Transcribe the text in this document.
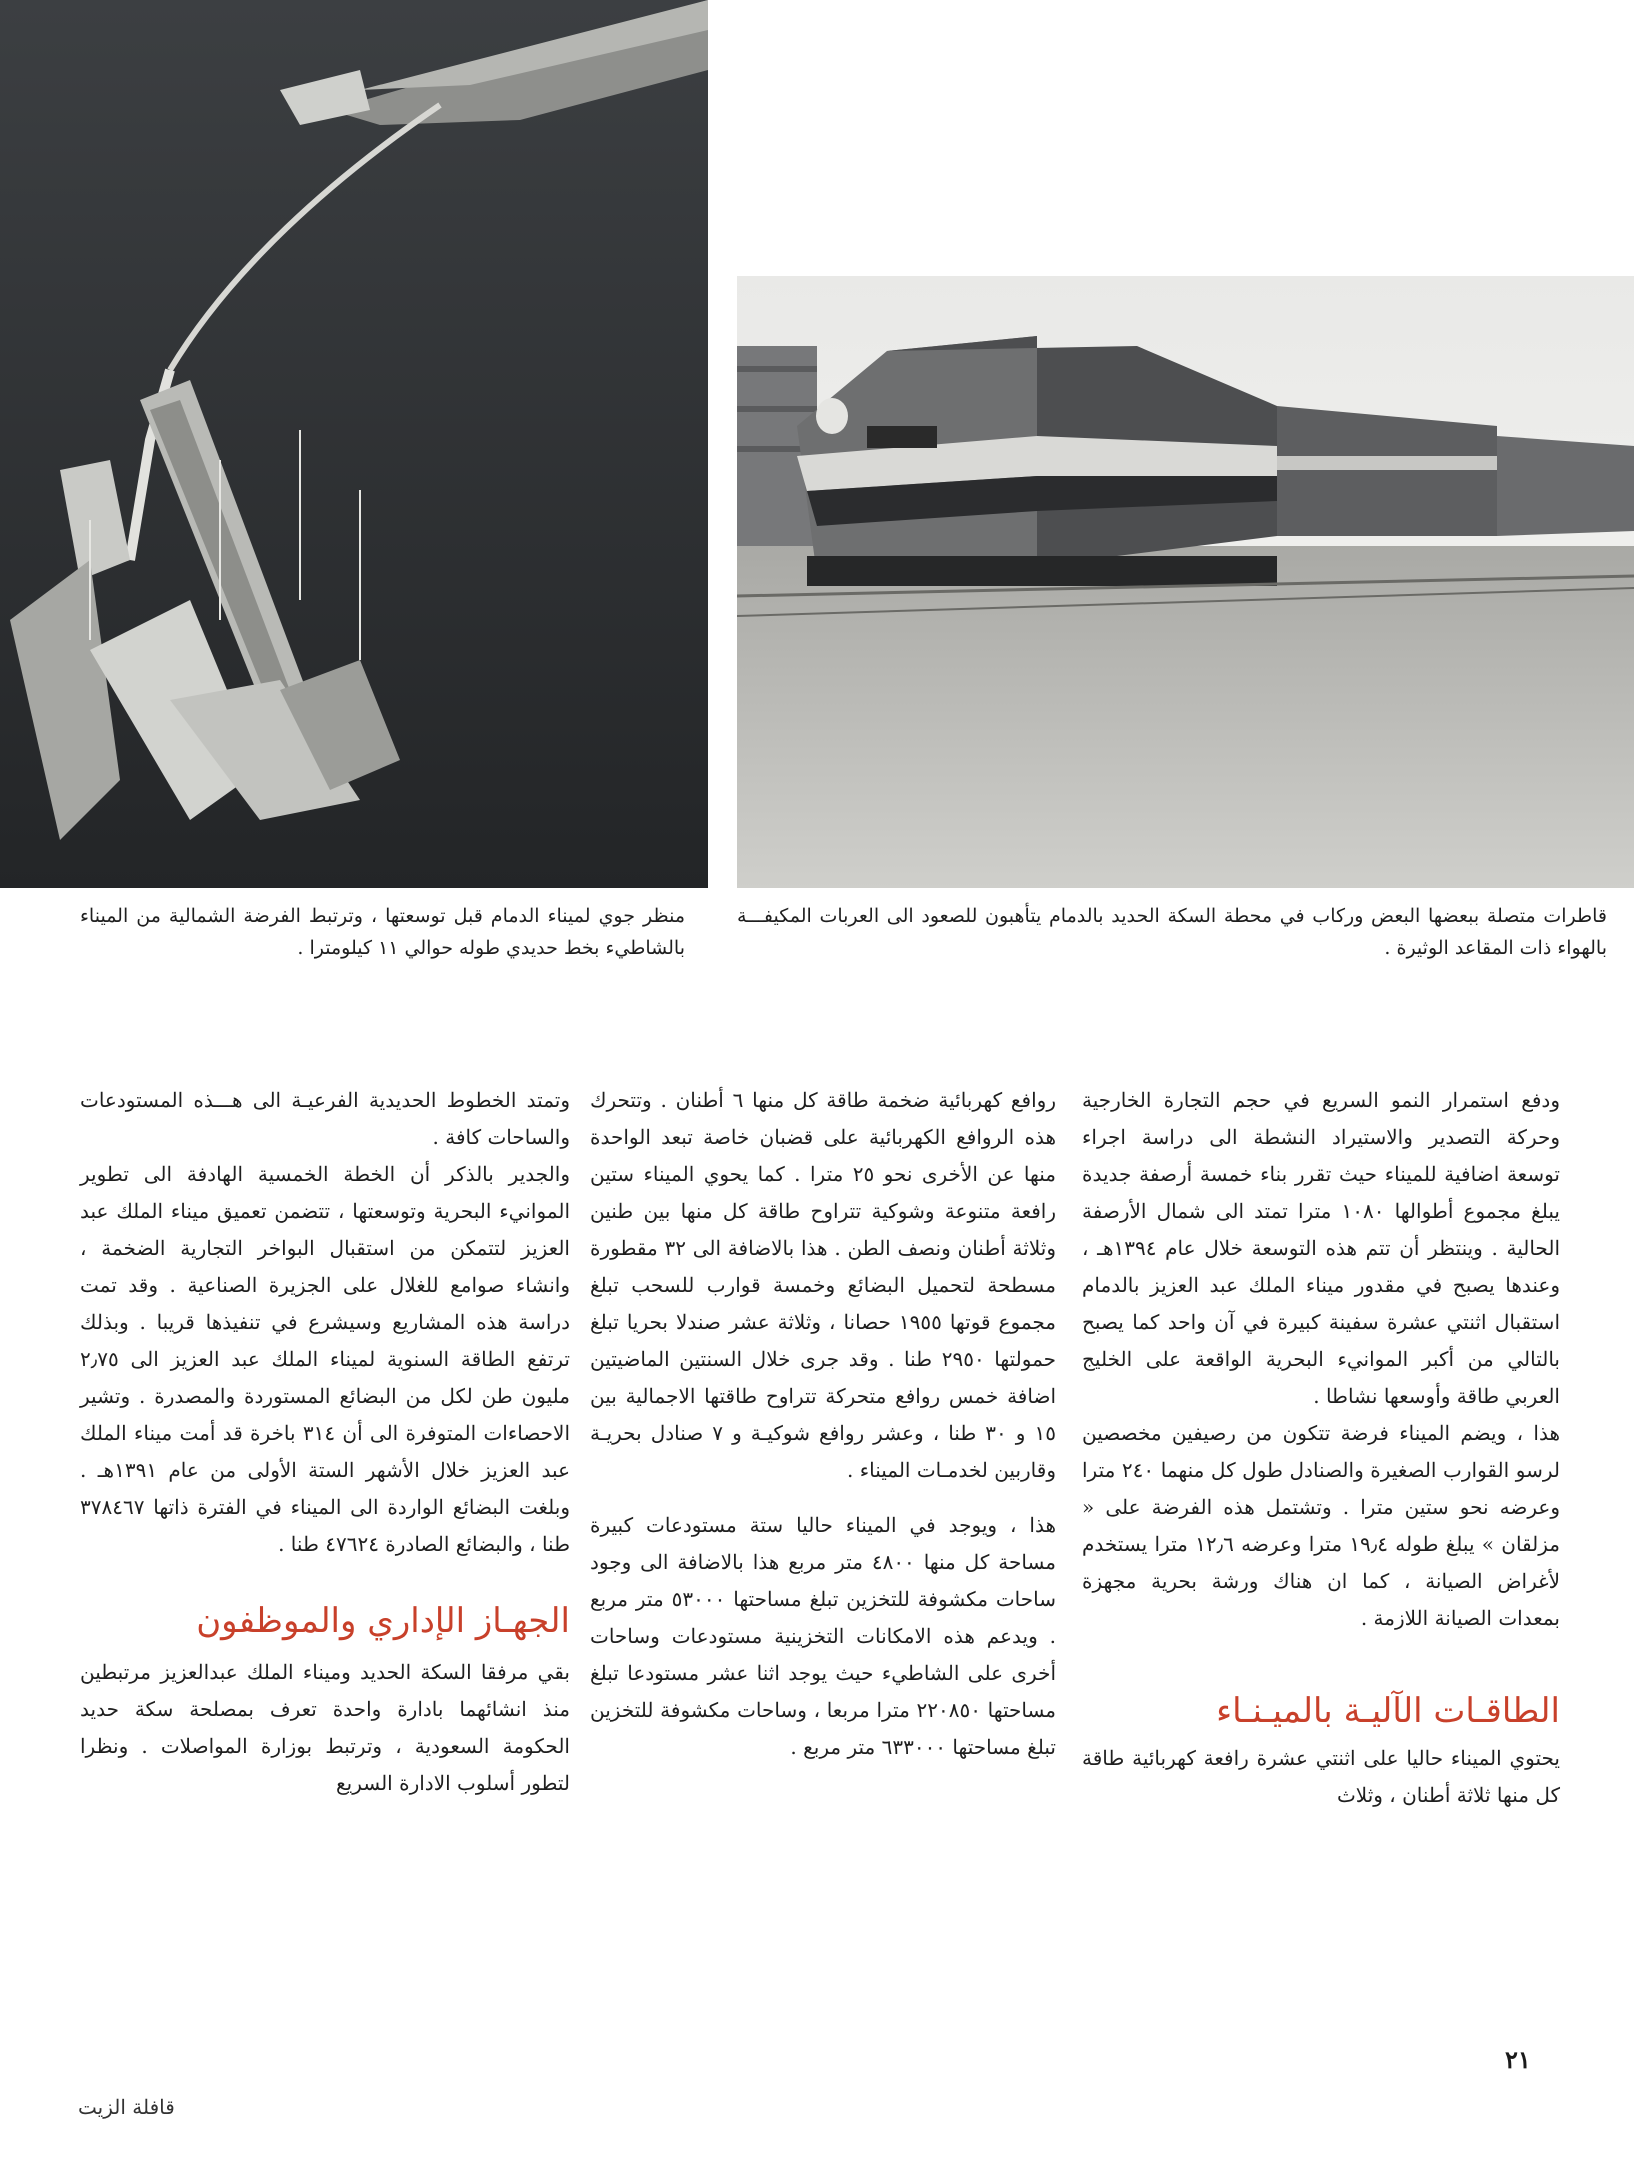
قاطرات متصلة ببعضها البعض وركاب في محطة السكة الحديد بالدمام يتأهبون للصعود الى العربات المكيفـــة بالهواء ذات المقاعد الوثيرة .
منظر جوي لميناء الدمام قبل توسعتها ، وترتبط الفرضة الشمالية من الميناء بالشاطيء بخط حديدي طوله حوالي ١١ كيلومترا .

ودفع استمرار النمو السريع في حجم التجارة الخارجية وحركة التصدير والاستيراد النشطة الى دراسة اجراء توسعة اضافية للميناء حيث تقرر بناء خمسة أرصفة جديدة يبلغ مجموع أطوالها ١٠٨٠ مترا تمتد الى شمال الأرصفة الحالية . وينتظر أن تتم هذه التوسعة خلال عام ١٣٩٤هـ ، وعندها يصبح في مقدور ميناء الملك عبد العزيز بالدمام استقبال اثنتي عشرة سفينة كبيرة في آن واحد كما يصبح بالتالي من أكبر الموانيء البحرية الواقعة على الخليج العربي طاقة وأوسعها نشاطا .

هذا ، ويضم الميناء فرضة تتكون من رصيفين مخصصين لرسو القوارب الصغيرة والصنادل طول كل منهما ٢٤٠ مترا وعرضه نحو ستين مترا . وتشتمل هذه الفرضة على « مزلقان » يبلغ طوله ١٩٫٤ مترا وعرضه ١٢٫٦ مترا يستخدم لأغراض الصيانة ، كما ان هناك ورشة بحرية مجهزة بمعدات الصيانة اللازمة .

الطاقـات الآليـة بالميـنـاء

يحتوي الميناء حاليا على اثنتي عشرة رافعة كهربائية طاقة كل منها ثلاثة أطنان ، وثلاث

روافع كهربائية ضخمة طاقة كل منها ٦ أطنان . وتتحرك هذه الروافع الكهربائية على قضبان خاصة تبعد الواحدة منها عن الأخرى نحو ٢٥ مترا . كما يحوي الميناء ستين رافعة متنوعة وشوكية تتراوح طاقة كل منها بين طنين وثلاثة أطنان ونصف الطن . هذا بالاضافة الى ٣٢ مقطورة مسطحة لتحميل البضائع وخمسة قوارب للسحب تبلغ مجموع قوتها ١٩٥٥ حصانا ، وثلاثة عشر صندلا بحريا تبلغ حمولتها ٢٩٥٠ طنا . وقد جرى خلال السنتين الماضيتين اضافة خمس روافع متحركة تتراوح طاقتها الاجمالية بين ١٥ و ٣٠ طنا ، وعشر روافع شوكيـة و ٧ صنادل بحريـة وقاربين لخدمـات الميناء .

هذا ، ويوجد في الميناء حاليا ستة مستودعات كبيرة مساحة كل منها ٤٨٠٠ متر مربع هذا بالاضافة الى وجود ساحات مكشوفة للتخزين تبلغ مساحتها ٥٣٠٠٠ متر مربع . ويدعم هذه الامكانات التخزينية مستودعات وساحات أخرى على الشاطيء حيث يوجد اثنا عشر مستودعا تبلغ مساحتها ٢٢٠٨٥٠ مترا مربعا ، وساحات مكشوفة للتخزين تبلغ مساحتها ٦٣٣٠٠٠ متر مربع .

وتمتد الخطوط الحديدية الفرعيـة الى هـــذه المستودعات والساحات كافة .

والجدير بالذكر أن الخطة الخمسية الهادفة الى تطوير الموانيء البحرية وتوسعتها ، تتضمن تعميق ميناء الملك عبد العزيز لتتمكن من استقبال البواخر التجارية الضخمة ، وانشاء صوامع للغلال على الجزيرة الصناعية . وقد تمت دراسة هذه المشاريع وسيشرع في تنفيذها قريبا . وبذلك ترتفع الطاقة السنوية لميناء الملك عبد العزيز الى ٢٫٧٥ مليون طن لكل من البضائع المستوردة والمصدرة . وتشير الاحصاءات المتوفرة الى أن ٣١٤ باخرة قد أمت ميناء الملك عبد العزيز خلال الأشهر الستة الأولى من عام ١٣٩١هـ . وبلغت البضائع الواردة الى الميناء في الفترة ذاتها ٣٧٨٤٦٧ طنا ، والبضائع الصادرة ٤٧٦٢٤ طنا .

الجهـاز الإداري والموظفون

بقي مرفقا السكة الحديد وميناء الملك عبدالعزيز مرتبطين منذ انشائهما بادارة واحدة تعرف بمصلحة سكة حديد الحكومة السعودية ، وترتبط بوزارة المواصلات . ونظرا لتطور أسلوب الادارة السريع

٢١
قافلة الزيت
